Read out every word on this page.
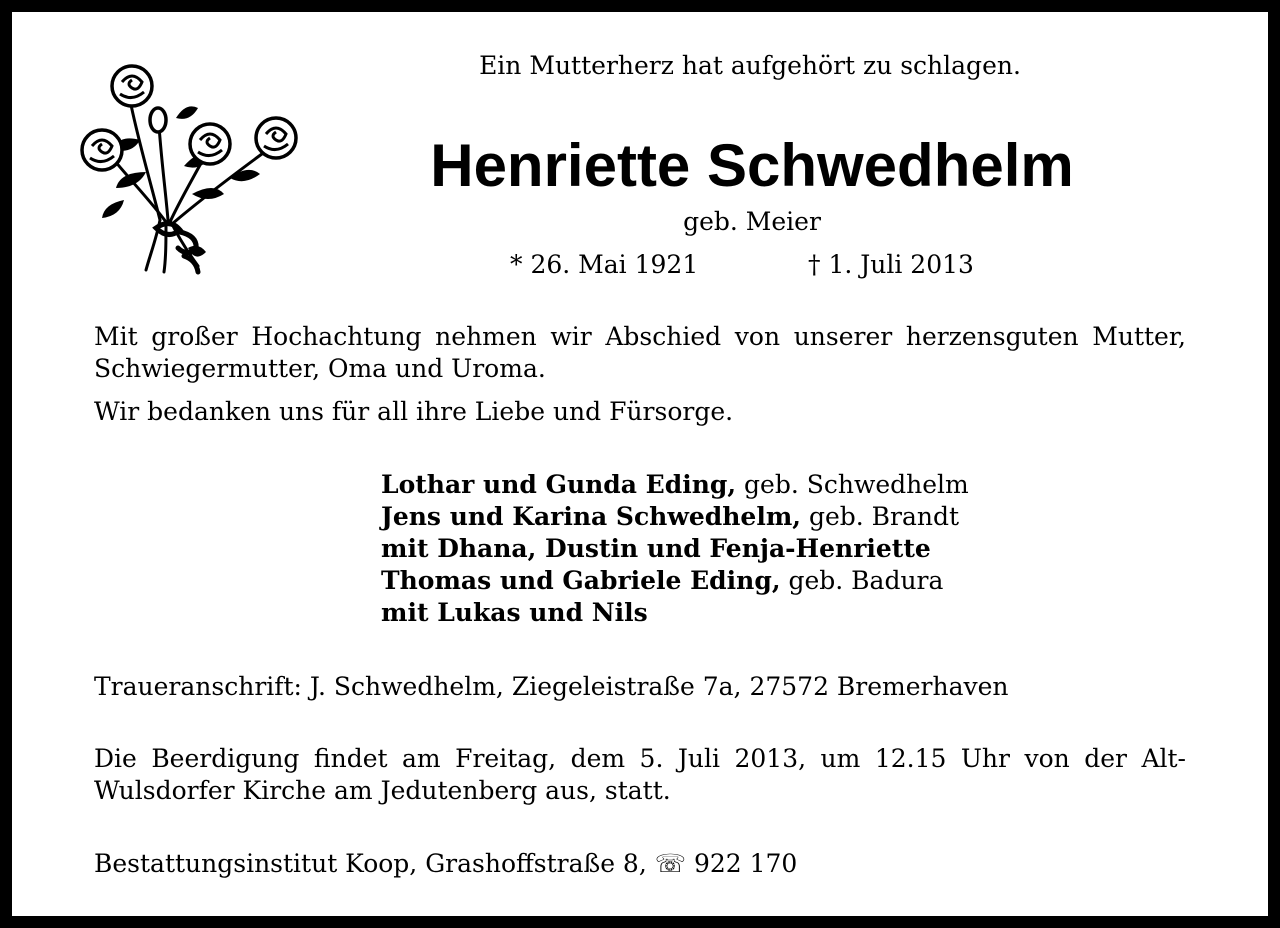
Ein Mutterherz hat aufgehört zu schlagen.
Henriette Schwedhelm
geb. Meier
* 26. Mai 1921	† 1. Juli 2013
Mit großer Hochachtung nehmen wir Abschied von unserer herzensguten Mutter, Schwiegermutter, Oma und Uroma.
Wir bedanken uns für all ihre Liebe und Fürsorge.
Lothar und Gunda Eding, geb. Schwedhelm
Jens und Karina Schwedhelm, geb. Brandt
mit Dhana, Dustin und Fenja-Henriette
Thomas und Gabriele Eding, geb. Badura
mit Lukas und Nils
Traueranschrift: J. Schwedhelm, Ziegeleistraße 7a, 27572 Bremerhaven
Die Beerdigung findet am Freitag, dem 5. Juli 2013, um 12.15 Uhr von der Alt-Wulsdorfer Kirche am Jedutenberg aus, statt.
Bestattungsinstitut Koop, Grashoffstraße 8, ☏ 922 170
